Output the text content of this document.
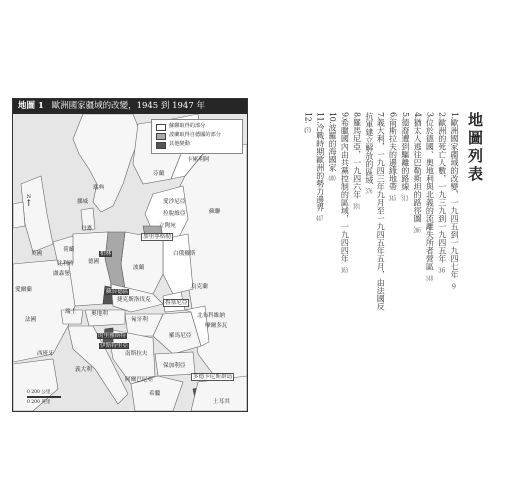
地圖 1 歐洲國家疆域的改變，1945 到 1947 年
蘇聯取得的部分
波蘭取得自德國的部分
其他變動
N
↑
瑞典
挪威
芬蘭
卡累利阿
丹麥
蘇聯
愛沙尼亞
拉脫維亞
立陶宛
加里寧格勒
白俄羅斯
英國
愛爾蘭
荷蘭
比利時
盧森堡
德國
柏林
波蘭
烏克蘭
蘇台德區
捷克斯洛伐克	魯塞尼亞
法國
瑞士	奧地利
匈牙利
北布科維納
摩爾多瓦
羅馬尼亞
的里雅斯特
伊斯特里亞
南斯拉夫
保加利亞
西班牙
義大利
阿爾巴尼亞
希臘
多德卡尼斯群島
土耳其
0 200 公里
0 200 英里
地圖列表
1.歐洲國家疆域的改變，一九四五到一九四七年9
2.歐洲的死亡人數，一九三九到一九四五年36
3.位於德國、奧地利與北義的流離失所者營區148
4.猶太人逃往巴勒斯坦的路徑圖286
5.德裔遭到驅離的路線313
6.南斯拉夫的邊緣地帶345
7.義大利，一九四三年九月至一九四五年五月，由法國反抗軍建立解放的區域376
8.羅馬尼亞，一九四六年381
9.希臘國內由共黨控制的區域，一九四四年383
10.波羅的海國家400
11.冷戰時期歐洲的勢力邊界447
12.473
